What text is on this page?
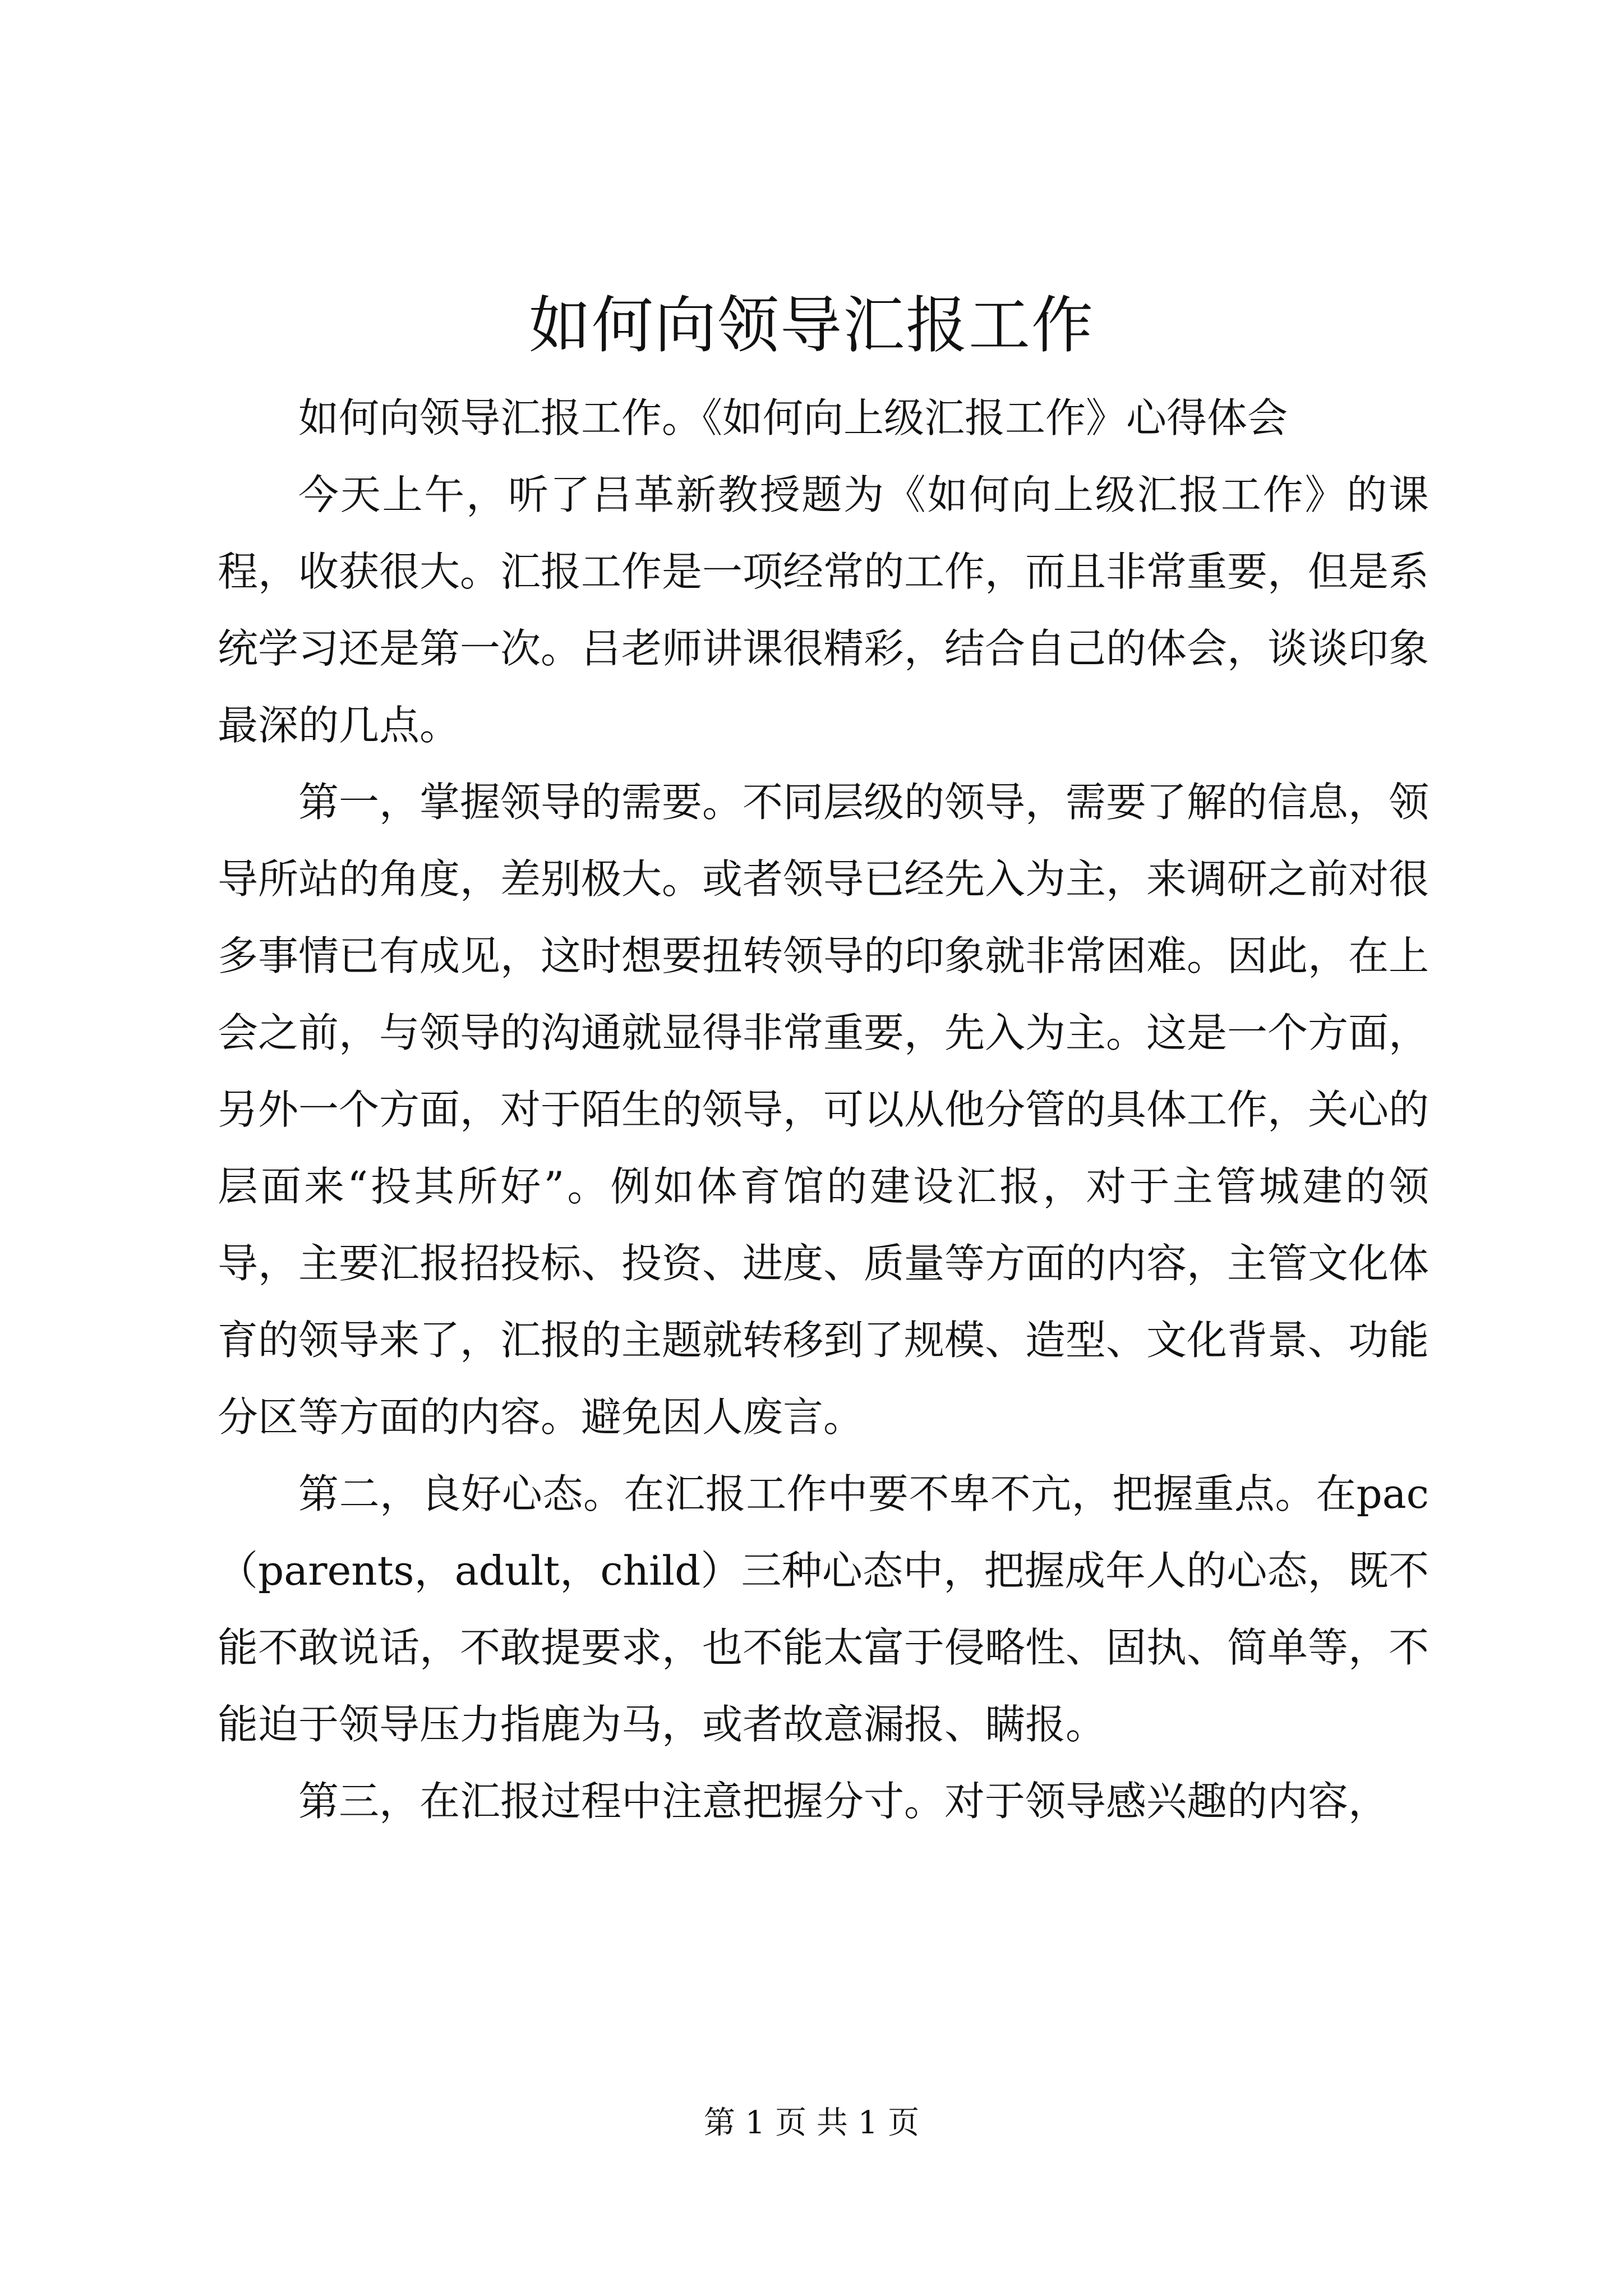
如何向领导汇报工作

如何向领导汇报工作。《如何向上级汇报工作》心得体会

今天上午，听了吕革新教授题为《如何向上级汇报工作》的课程，收获很大。汇报工作是一项经常的工作，而且非常重要，但是系统学习还是第一次。吕老师讲课很精彩，结合自己的体会，谈谈印象最深的几点。

第一，掌握领导的需要。不同层级的领导，需要了解的信息，领导所站的角度，差别极大。或者领导已经先入为主，来调研之前对很多事情已有成见，这时想要扭转领导的印象就非常困难。因此，在上会之前，与领导的沟通就显得非常重要，先入为主。这是一个方面，另外一个方面，对于陌生的领导，可以从他分管的具体工作，关心的层面来“投其所好”。例如体育馆的建设汇报，对于主管城建的领导，主要汇报招投标、投资、进度、质量等方面的内容，主管文化体育的领导来了，汇报的主题就转移到了规模、造型、文化背景、功能分区等方面的内容。避免因人废言。

第二，良好心态。在汇报工作中要不卑不亢，把握重点。在pac（parents，adult，child）三种心态中，把握成年人的心态，既不能不敢说话，不敢提要求，也不能太富于侵略性、固执、简单等，不能迫于领导压力指鹿为马，或者故意漏报、瞒报。

第三，在汇报过程中注意把握分寸。对于领导感兴趣的内容，

第 1 页 共 1 页
